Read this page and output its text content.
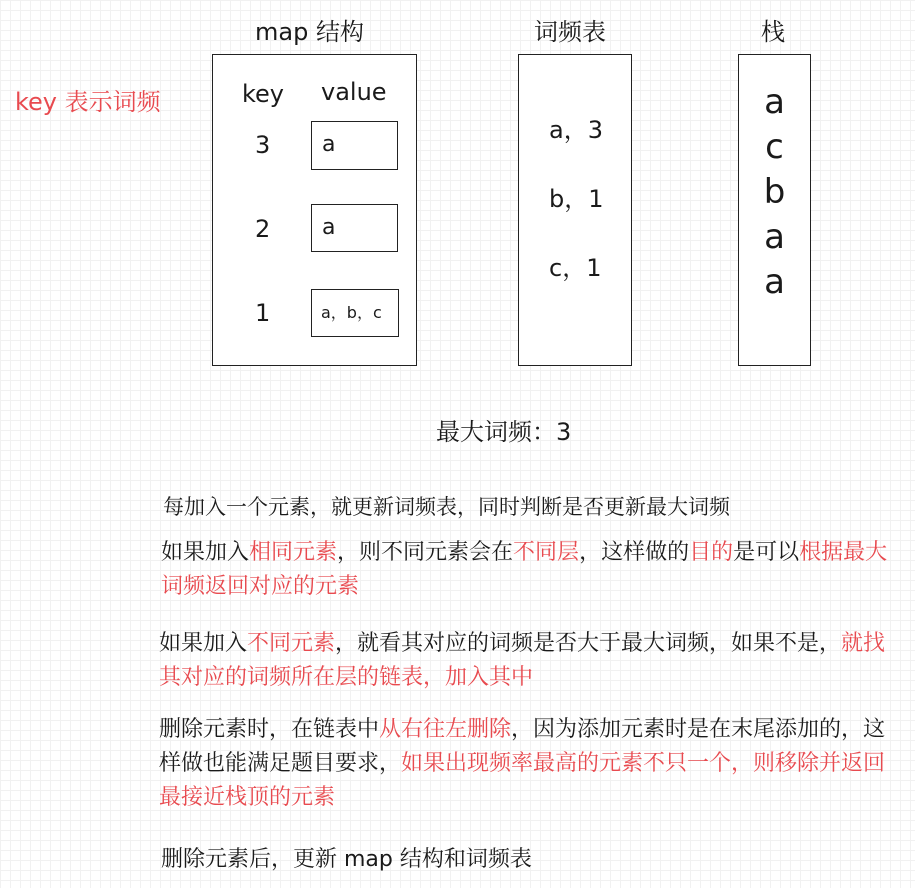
map 结构	词频表	栈
key 表示词频	key value
3	a
2	a
1	a，b，c
a，3
b，1
c，1
a
c
b
a
a
最大词频：3
每加入一个元素，就更新词频表，同时判断是否更新最大词频
如果加入相同元素，则不同元素会在不同层，这样做的目的是可以根据最大词频返回对应的元素
如果加入不同元素，就看其对应的词频是否大于最大词频，如果不是，就找其对应的词频所在层的链表，加入其中
删除元素时，在链表中从右往左删除，因为添加元素时是在末尾添加的，这样做也能满足题目要求，如果出现频率最高的元素不只一个，则移除并返回最接近栈顶的元素
删除元素后，更新 map 结构和词频表
